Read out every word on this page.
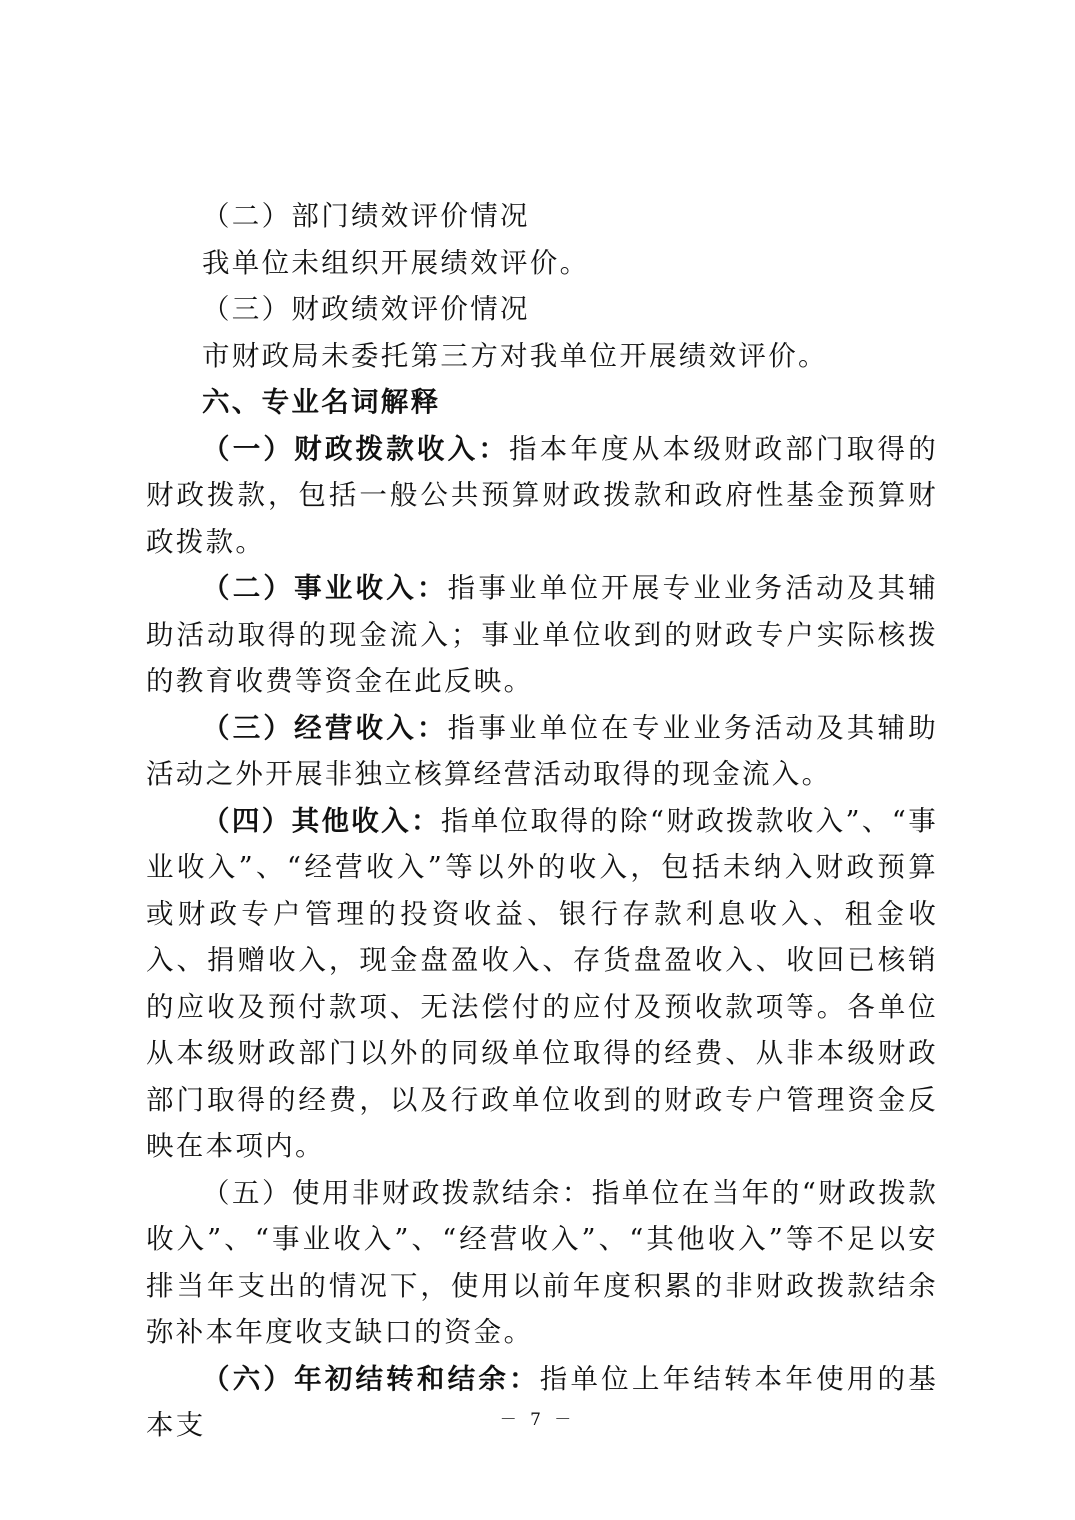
（二）部门绩效评价情况

我单位未组织开展绩效评价。

（三）财政绩效评价情况

市财政局未委托第三方对我单位开展绩效评价。

六、专业名词解释

（一）财政拨款收入：指本年度从本级财政部门取得的财政拨款，包括一般公共预算财政拨款和政府性基金预算财政拨款。

（二）事业收入：指事业单位开展专业业务活动及其辅助活动取得的现金流入；事业单位收到的财政专户实际核拨的教育收费等资金在此反映。

（三）经营收入：指事业单位在专业业务活动及其辅助活动之外开展非独立核算经营活动取得的现金流入。

（四）其他收入：指单位取得的除“财政拨款收入”、“事业收入”、“经营收入”等以外的收入，包括未纳入财政预算或财政专户管理的投资收益、银行存款利息收入、租金收入、捐赠收入，现金盘盈收入、存货盘盈收入、收回已核销的应收及预付款项、无法偿付的应付及预收款项等。各单位从本级财政部门以外的同级单位取得的经费、从非本级财政部门取得的经费，以及行政单位收到的财政专户管理资金反映在本项内。

（五）使用非财政拨款结余：指单位在当年的“财政拨款收入”、“事业收入”、“经营收入”、“其他收入”等不足以安排当年支出的情况下，使用以前年度积累的非财政拨款结余弥补本年度收支缺口的资金。

（六）年初结转和结余：指单位上年结转本年使用的基本支	－ 7 －
